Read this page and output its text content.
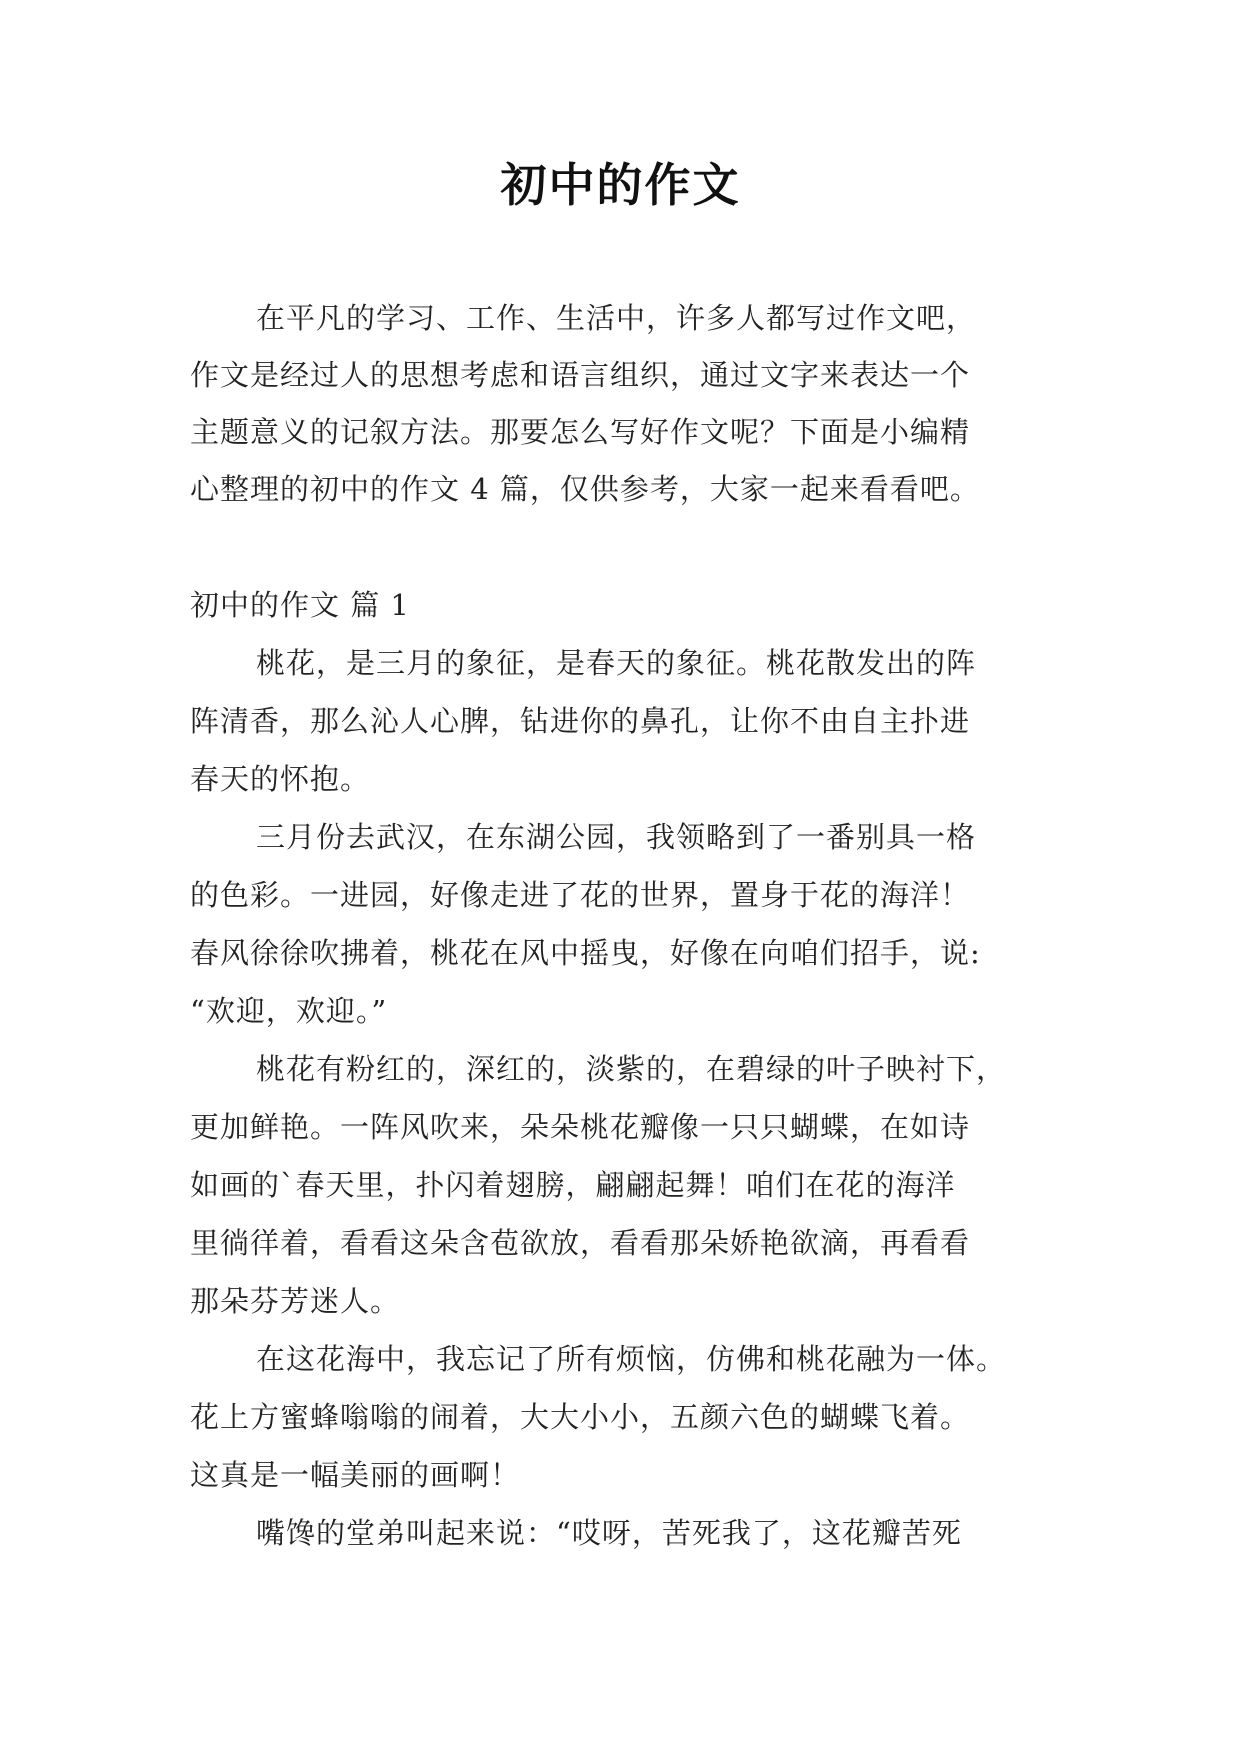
初中的作文
在平凡的学习、工作、生活中，许多人都写过作文吧，
作文是经过人的思想考虑和语言组织，通过文字来表达一个
主题意义的记叙方法。那要怎么写好作文呢？下面是小编精
心整理的初中的作文 4 篇，仅供参考，大家一起来看看吧。
初中的作文 篇 1
桃花，是三月的象征，是春天的象征。桃花散发出的阵
阵清香，那么沁人心脾，钻进你的鼻孔，让你不由自主扑进
春天的怀抱。
三月份去武汉，在东湖公园，我领略到了一番别具一格
的色彩。一进园，好像走进了花的世界，置身于花的海洋！
春风徐徐吹拂着，桃花在风中摇曳，好像在向咱们招手，说:
“欢迎，欢迎。”
桃花有粉红的，深红的，淡紫的，在碧绿的叶子映衬下，
更加鲜艳。一阵风吹来，朵朵桃花瓣像一只只蝴蝶，在如诗
如画的`春天里，扑闪着翅膀，翩翩起舞！咱们在花的海洋
里徜徉着，看看这朵含苞欲放，看看那朵娇艳欲滴，再看看
那朵芬芳迷人。
在这花海中，我忘记了所有烦恼，仿佛和桃花融为一体。
花上方蜜蜂嗡嗡的闹着，大大小小，五颜六色的蝴蝶飞着。
这真是一幅美丽的画啊！
嘴馋的堂弟叫起来说：“哎呀，苦死我了，这花瓣苦死
